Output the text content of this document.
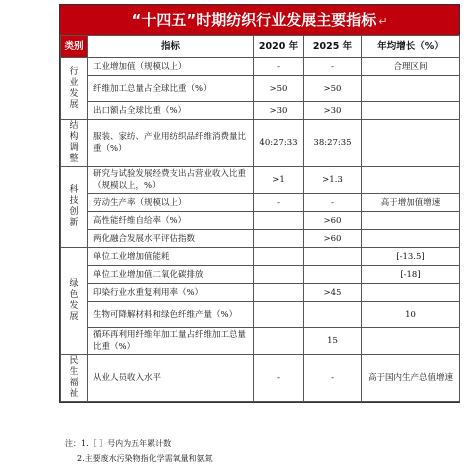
“十四五”时期纺织行业发展主要指标 ↵
类别	指标	2020 年	2025 年	年均增长（%）
行
业
发
展	工业增加值（规模以上）	-	-	合理区间
	纤维加工总量占全球比重（%）	>50	>50	
	出口额占全球比重（%）	>30	>30	
结
构
调
整	服装、家纺、产业用纺织品纤维消费量比重（%）	40:27:33	38:27:35	
科
技
创
新	研究与试验发展经费支出占营业收入比重（规模以上，%）	>1	>1.3	
	劳动生产率（规模以上）	-	-	高于增加值增速
	高性能纤维自给率（%）		>60	
	两化融合发展水平评估指数		>60	
绿
色
发
展	单位工业增加值能耗			[-13.5]
	单位工业增加值二氧化碳排放			[-18]
	印染行业水重复利用率（%）		>45	
	生物可降解材料和绿色纤维产量（%）			10
	循环再利用纤维年加工量占纤维加工总量比重（%）		15	
民
生
福
祉	从业人员收入水平	-	-	高于国内生产总值增速
注：1.［ ］号内为五年累计数
2.主要废水污染物指化学需氧量和氨氮
